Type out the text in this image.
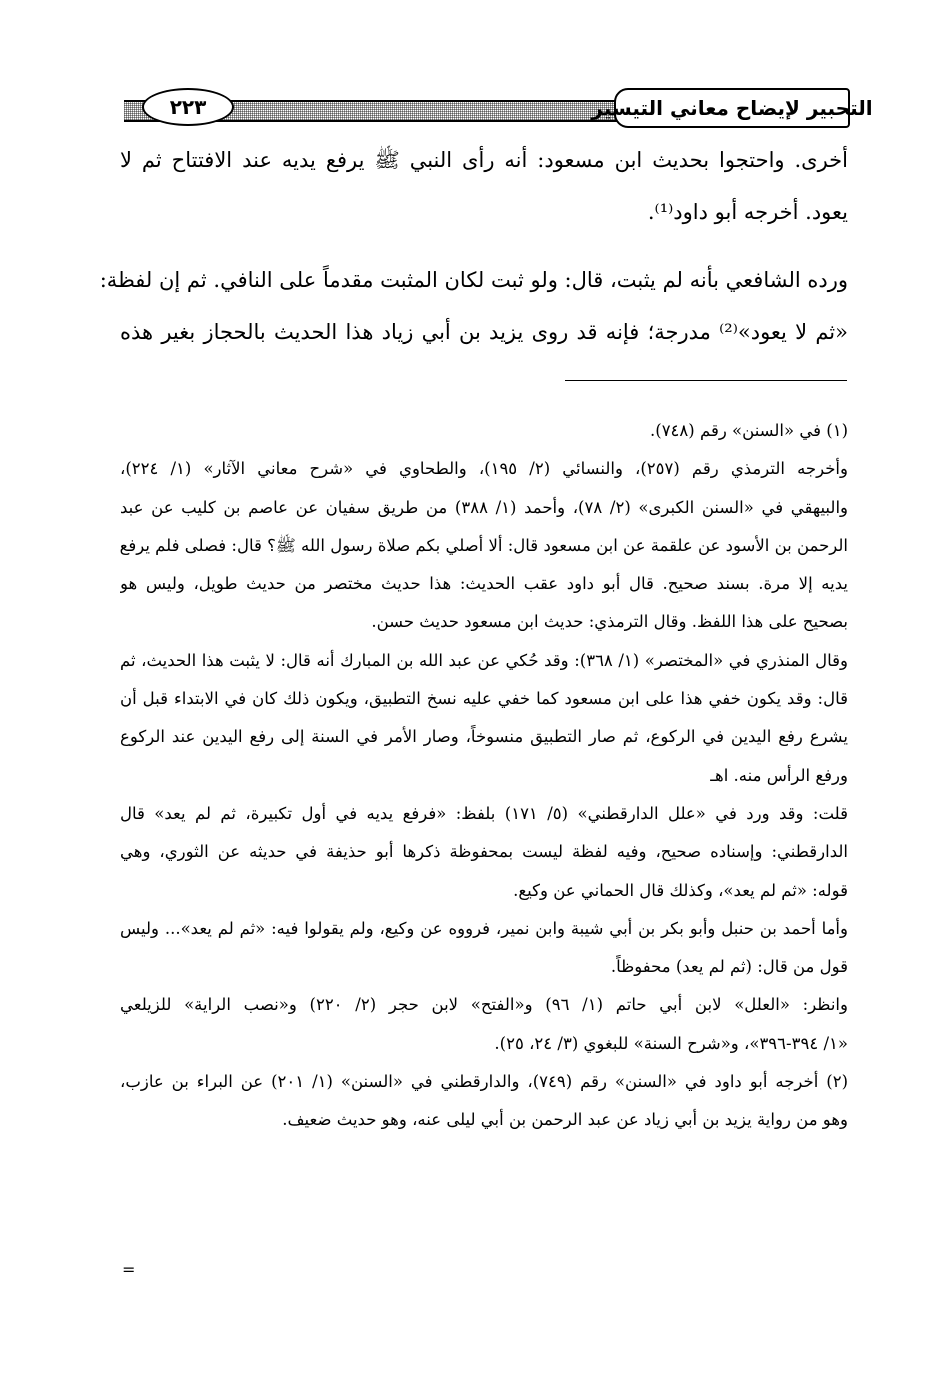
٢٢٣	التحبير لإيضاح معاني التيسير
أخرى. واحتجوا بحديث ابن مسعود: أنه رأى النبي ﷺ يرفع يديه عند الافتتاح ثم لا
يعود. أخرجه أبو داود⁽¹⁾.
ورده الشافعي بأنه لم يثبت، قال: ولو ثبت لكان المثبت مقدماً على النافي. ثم إن لفظة:
«ثم لا يعود»⁽²⁾ مدرجة؛ فإنه قد روى يزيد بن أبي زياد هذا الحديث بالحجاز بغير هذه
(١) في «السنن» رقم (٧٤٨).
وأخرجه الترمذي رقم (٢٥٧)، والنسائي (٢/ ١٩٥)، والطحاوي في «شرح معاني الآثار» (١/ ٢٢٤)،
والبيهقي في «السنن الكبرى» (٢/ ٧٨)، وأحمد (١/ ٣٨٨) من طريق سفيان عن عاصم بن كليب عن عبد
الرحمن بن الأسود عن علقمة عن ابن مسعود قال: ألا أصلي بكم صلاة رسول الله ﷺ؟ قال: فصلى فلم يرفع
يديه إلا مرة. بسند صحيح. قال أبو داود عقب الحديث: هذا حديث مختصر من حديث طويل، وليس هو
بصحيح على هذا اللفظ. وقال الترمذي: حديث ابن مسعود حديث حسن.
وقال المنذري في «المختصر» (١/ ٣٦٨): وقد حُكي عن عبد الله بن المبارك أنه قال: لا يثبت هذا الحديث، ثم
قال: وقد يكون خفي هذا على ابن مسعود كما خفي عليه نسخ التطبيق، ويكون ذلك كان في الابتداء قبل أن
يشرع رفع اليدين في الركوع، ثم صار التطبيق منسوخاً، وصار الأمر في السنة إلى رفع اليدين عند الركوع
ورفع الرأس منه. اهـ
قلت: وقد ورد في «علل الدارقطني» (٥/ ١٧١) بلفظ: «فرفع يديه في أول تكبيرة، ثم لم يعد» قال
الدارقطني: وإسناده صحيح، وفيه لفظة ليست بمحفوظة ذكرها أبو حذيفة في حديثه عن الثوري، وهي
قوله: «ثم لم يعد»، وكذلك قال الحماني عن وكيع.
وأما أحمد بن حنبل وأبو بكر بن أبي شيبة وابن نمير، فرووه عن وكيع، ولم يقولوا فيه: «ثم لم يعد»... وليس
قول من قال: (ثم لم يعد) محفوظاً.
وانظر: «العلل» لابن أبي حاتم (١/ ٩٦) و«الفتح» لابن حجر (٢/ ٢٢٠) و«نصب الراية» للزيلعي
«١/ ٣٩٤-٣٩٦»، و«شرح السنة» للبغوي (٣/ ٢٤، ٢٥).
(٢) أخرجه أبو داود في «السنن» رقم (٧٤٩)، والدارقطني في «السنن» (١/ ٢٠١) عن البراء بن عازب،
وهو من رواية يزيد بن أبي زياد عن عبد الرحمن بن أبي ليلى عنه، وهو حديث ضعيف.
=
